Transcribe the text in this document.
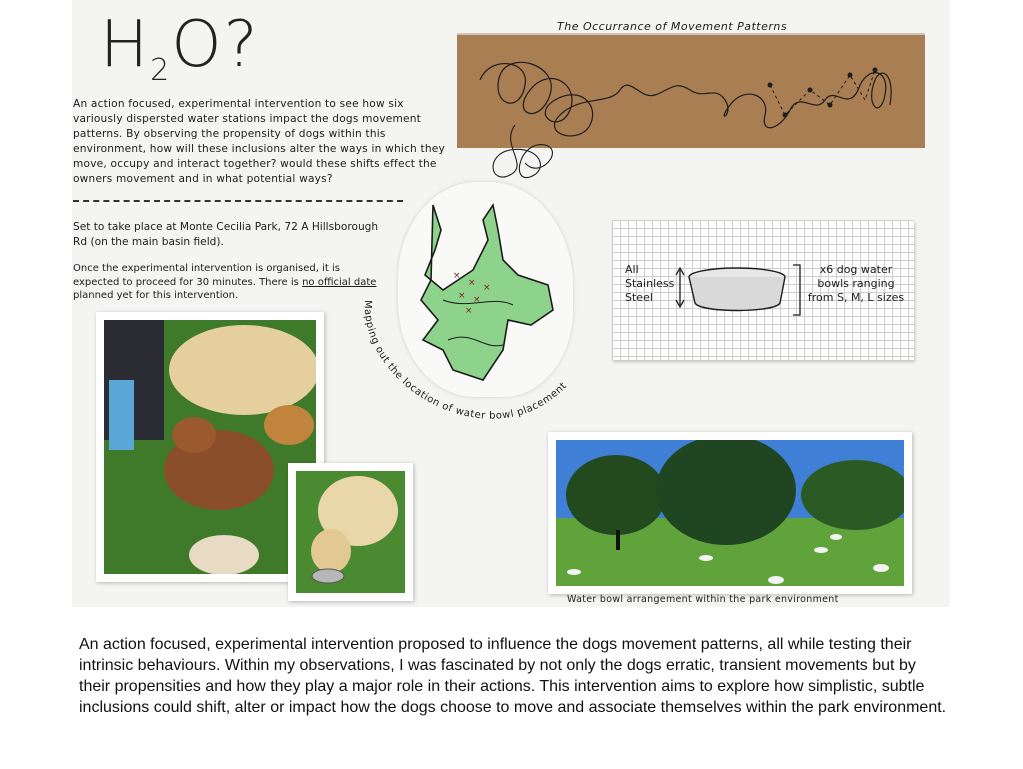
$H_2O$?
An action focused, experimental intervention to see how six variously dispersted water stations impact the dogs movement patterns. By observing the propensity of dogs within this environment, how will these inclusions alter the ways in which they move, occupy and interact together? would these shifts effect the owners movement and in what potential ways?
Set to take place at Monte Cecilia Park, 72 A Hillsborough Rd (on the main basin field).
Once the experimental intervention is organised, it is expected to proceed for 30 minutes. There is no official date planned yet for this intervention.
The Occurrance of Movement Patterns
×
× ×
× ×
×
Mapping out the location of water bowl placement
All Stainless Steel
x6 dog water bowls ranging from S, M, L sizes
Water bowl arrangement within the park environment
An action focused, experimental intervention proposed to influence the dogs movement patterns, all while testing their intrinsic behaviours. Within my observations, I was fascinated by not only the dogs erratic, transient movements but by their propensities and how they play a major role in their actions. This intervention aims to explore how simplistic, subtle inclusions could shift, alter or impact how the dogs choose to move and associate themselves within the park environment.
